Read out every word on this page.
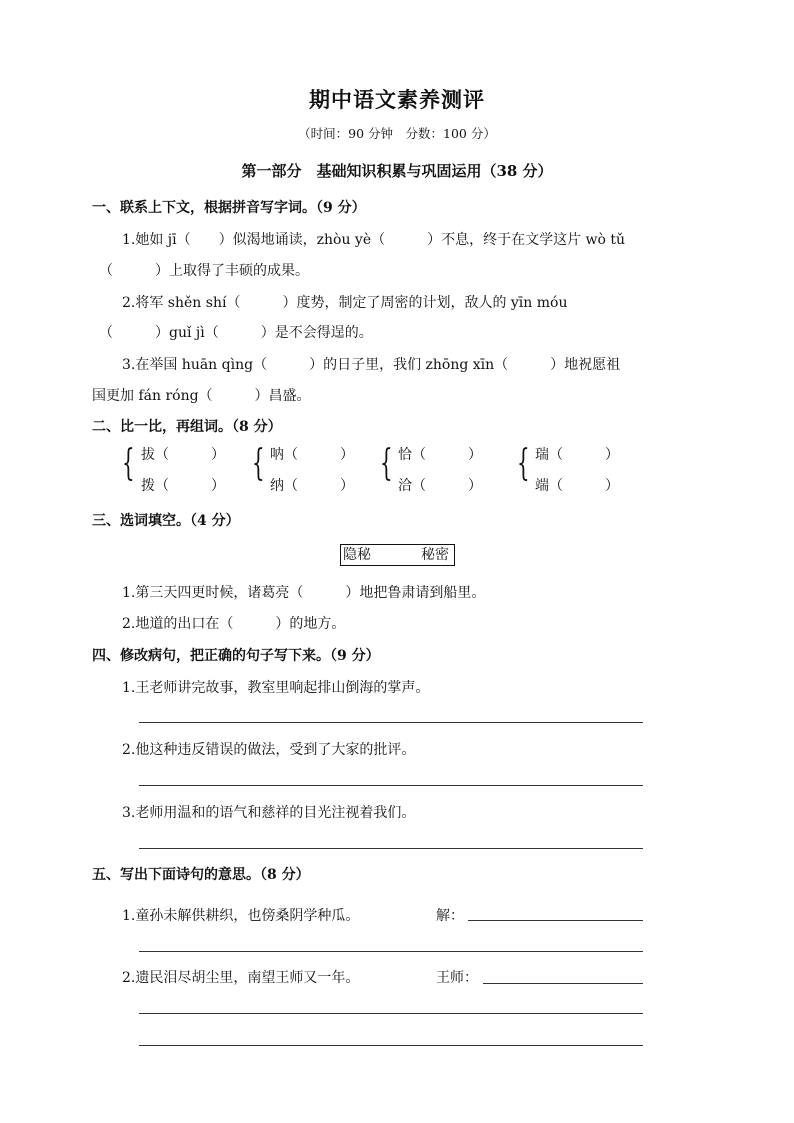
期中语文素养测评
（时间：90 分钟　分数：100 分）
第一部分　基础知识积累与巩固运用（38 分）
一、联系上下文，根据拼音写字词。（9 分）
1.她如 jī（　　）似渴地诵读，zhòu yè（　　　）不息，终于在文学这片 wò tǔ
（　　　）上取得了丰硕的成果。
2.将军 shěn shí（　　　）度势，制定了周密的计划，敌人的 yīn móu
（　　　）guǐ jì（　　　）是不会得逞的。
3.在举国 huān qìng（　　　）的日子里，我们 zhōng xīn（　　　）地祝愿祖
国更加 fán róng（　　　）昌盛。
二、比一比，再组词。（8 分）
{ 拔（　　　）
拨（　　　）
{ 呐（　　　）
纳（　　　）
{ 恰（　　　）
洽（　　　）
{ 瑞（　　　）
端（　　　）
三、选词填空。（4 分）
隐秘	秘密
1.第三天四更时候，诸葛亮（　　　）地把鲁肃请到船里。
2.地道的出口在（　　　）的地方。
四、修改病句，把正确的句子写下来。（9 分）
1.王老师讲完故事，教室里响起排山倒海的掌声。
2.他这种违反错误的做法，受到了大家的批评。
3.老师用温和的语气和慈祥的目光注视着我们。
五、写出下面诗句的意思。（8 分）
1.童孙未解供耕织，也傍桑阴学种瓜。	解：
2.遗民泪尽胡尘里，南望王师又一年。	王师：
